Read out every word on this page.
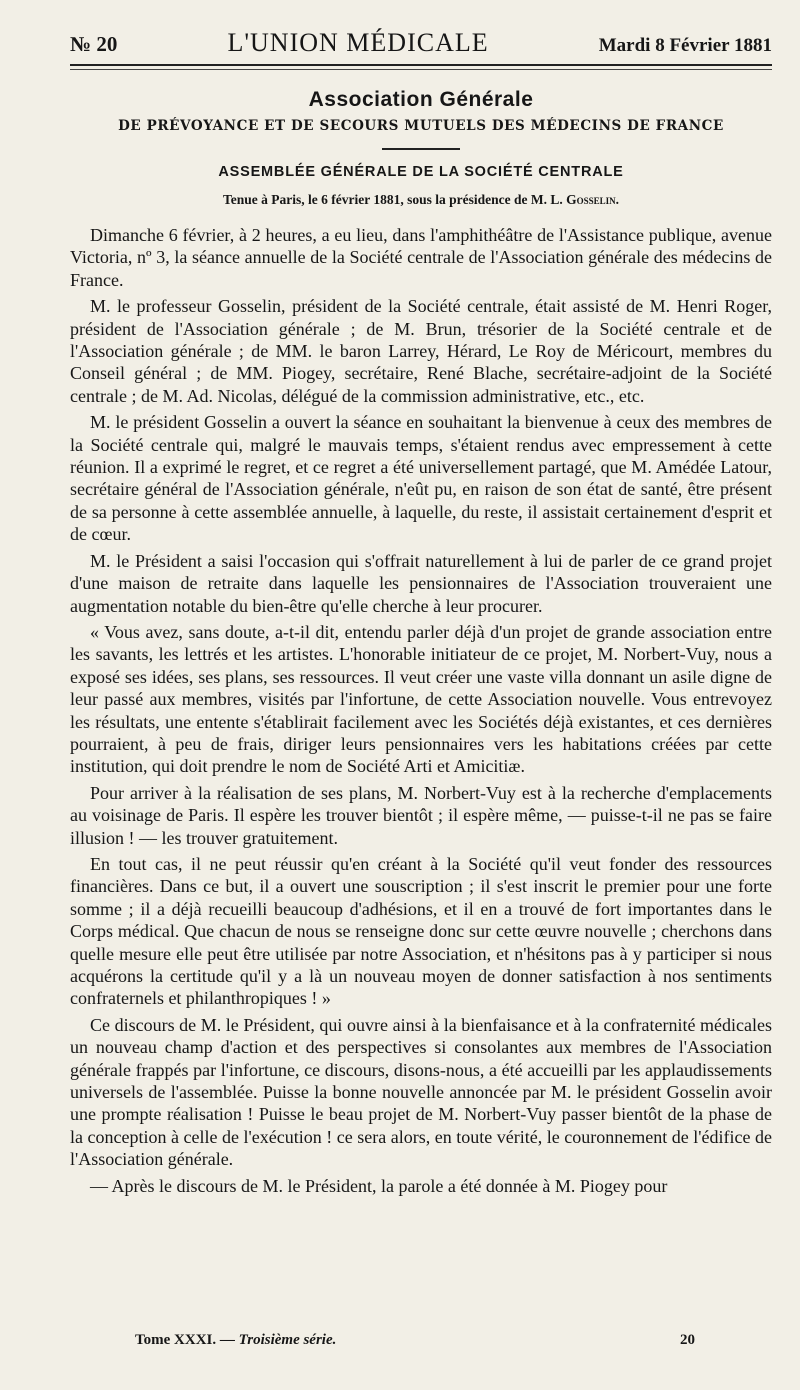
№ 20	L'UNION MÉDICALE	Mardi 8 Février 1881
Association Générale
DE PRÉVOYANCE ET DE SECOURS MUTUELS DES MÉDECINS DE FRANCE
ASSEMBLÉE GÉNÉRALE DE LA SOCIÉTÉ CENTRALE
Tenue à Paris, le 6 février 1881, sous la présidence de M. L. Gosselin.

Dimanche 6 février, à 2 heures, a eu lieu, dans l'amphithéâtre de l'Assistance publique, avenue Victoria, nº 3, la séance annuelle de la Société centrale de l'Association générale des médecins de France.

M. le professeur Gosselin, président de la Société centrale, était assisté de M. Henri Roger, président de l'Association générale ; de M. Brun, trésorier de la Société centrale et de l'Association générale ; de MM. le baron Larrey, Hérard, Le Roy de Méricourt, membres du Conseil général ; de MM. Piogey, secrétaire, René Blache, secrétaire-adjoint de la Société centrale ; de M. Ad. Nicolas, délégué de la commission administrative, etc., etc.

M. le président Gosselin a ouvert la séance en souhaitant la bienvenue à ceux des membres de la Société centrale qui, malgré le mauvais temps, s'étaient rendus avec empressement à cette réunion. Il a exprimé le regret, et ce regret a été universellement partagé, que M. Amédée Latour, secrétaire général de l'Association générale, n'eût pu, en raison de son état de santé, être présent de sa personne à cette assemblée annuelle, à laquelle, du reste, il assistait certainement d'esprit et de cœur.

M. le Président a saisi l'occasion qui s'offrait naturellement à lui de parler de ce grand projet d'une maison de retraite dans laquelle les pensionnaires de l'Association trouveraient une augmentation notable du bien-être qu'elle cherche à leur procurer.

« Vous avez, sans doute, a-t-il dit, entendu parler déjà d'un projet de grande association entre les savants, les lettrés et les artistes. L'honorable initiateur de ce projet, M. Norbert-Vuy, nous a exposé ses idées, ses plans, ses ressources. Il veut créer une vaste villa donnant un asile digne de leur passé aux membres, visités par l'infortune, de cette Association nouvelle. Vous entrevoyez les résultats, une entente s'établirait facilement avec les Sociétés déjà existantes, et ces dernières pourraient, à peu de frais, diriger leurs pensionnaires vers les habitations créées par cette institution, qui doit prendre le nom de Société Arti et Amicitiæ.

Pour arriver à la réalisation de ses plans, M. Norbert-Vuy est à la recherche d'emplacements au voisinage de Paris. Il espère les trouver bientôt ; il espère même, — puisse-t-il ne pas se faire illusion ! — les trouver gratuitement.

En tout cas, il ne peut réussir qu'en créant à la Société qu'il veut fonder des ressources financières. Dans ce but, il a ouvert une souscription ; il s'est inscrit le premier pour une forte somme ; il a déjà recueilli beaucoup d'adhésions, et il en a trouvé de fort importantes dans le Corps médical. Que chacun de nous se renseigne donc sur cette œuvre nouvelle ; cherchons dans quelle mesure elle peut être utilisée par notre Association, et n'hésitons pas à y participer si nous acquérons la certitude qu'il y a là un nouveau moyen de donner satisfaction à nos sentiments confraternels et philanthropiques ! »

Ce discours de M. le Président, qui ouvre ainsi à la bienfaisance et à la confraternité médicales un nouveau champ d'action et des perspectives si consolantes aux membres de l'Association générale frappés par l'infortune, ce discours, disons-nous, a été accueilli par les applaudissements universels de l'assemblée. Puisse la bonne nouvelle annoncée par M. le président Gosselin avoir une prompte réalisation ! Puisse le beau projet de M. Norbert-Vuy passer bientôt de la phase de la conception à celle de l'exécution ! ce sera alors, en toute vérité, le couronnement de l'édifice de l'Association générale.

— Après le discours de M. le Président, la parole a été donnée à M. Piogey pour

Tome XXXI. — Troisième série.	20
